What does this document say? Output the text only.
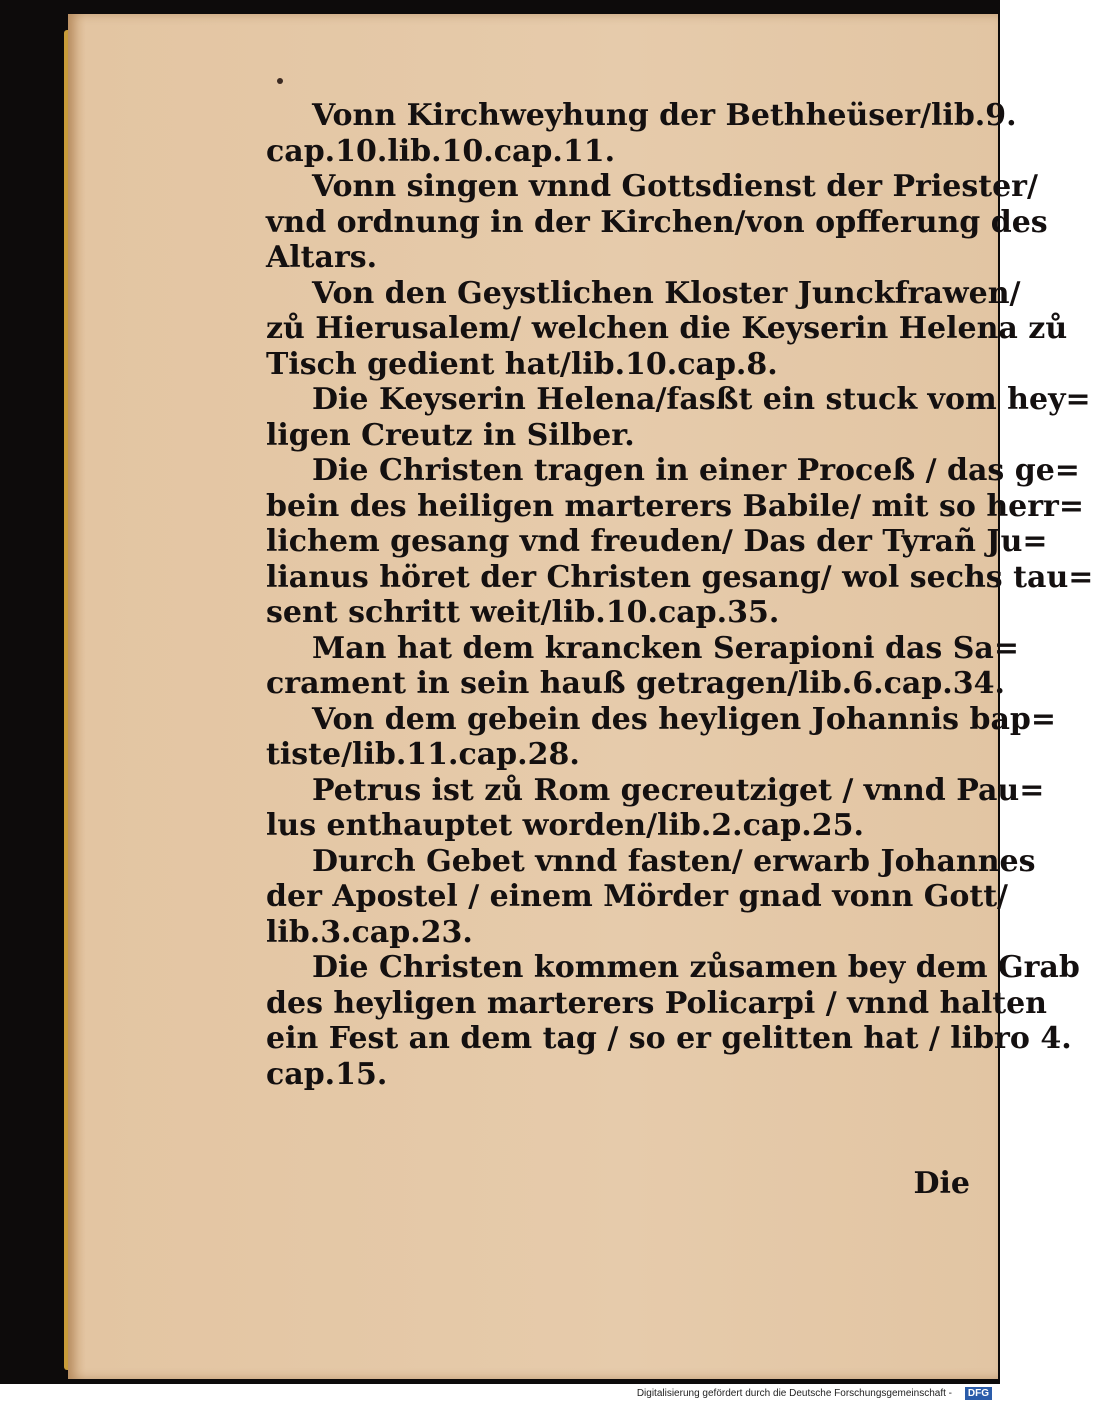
Vonn Kirchweyhung der Bethheüser/lib.9.
cap.10.lib.10.cap.11.
Vonn singen vnnd Gottsdienst der Priester/
vnd ordnung in der Kirchen/von opfferung des
Altars.
Von den Geystlichen Kloster Junckfrawen/
zů Hierusalem/ welchen die Keyserin Helena zů
Tisch gedient hat/lib.10.cap.8.
Die Keyserin Helena/fasßt ein stuck vom hey=
ligen Creutz in Silber.
Die Christen tragen in einer Proceß / das ge=
bein des heiligen marterers Babile/ mit so herr=
lichem gesang vnd freuden/ Das der Tyrañ Ju=
lianus höret der Christen gesang/ wol sechs tau=
sent schritt weit/lib.10.cap.35.
Man hat dem krancken Serapioni das Sa=
crament in sein hauß getragen/lib.6.cap.34.
Von dem gebein des heyligen Johannis bap=
tiste/lib.11.cap.28.
Petrus ist zů Rom gecreutziget / vnnd Pau=
lus enthauptet worden/lib.2.cap.25.
Durch Gebet vnnd fasten/ erwarb Johannes
der Apostel / einem Mörder gnad vonn Gott/
lib.3.cap.23.
Die Christen kommen zůsamen bey dem Grab
des heyligen marterers Policarpi / vnnd halten
ein Fest an dem tag / so er gelitten hat / libro 4.
cap.15.
Die
Digitalisierung gefördert durch die Deutsche Forschungsgemeinschaft -	DFG
